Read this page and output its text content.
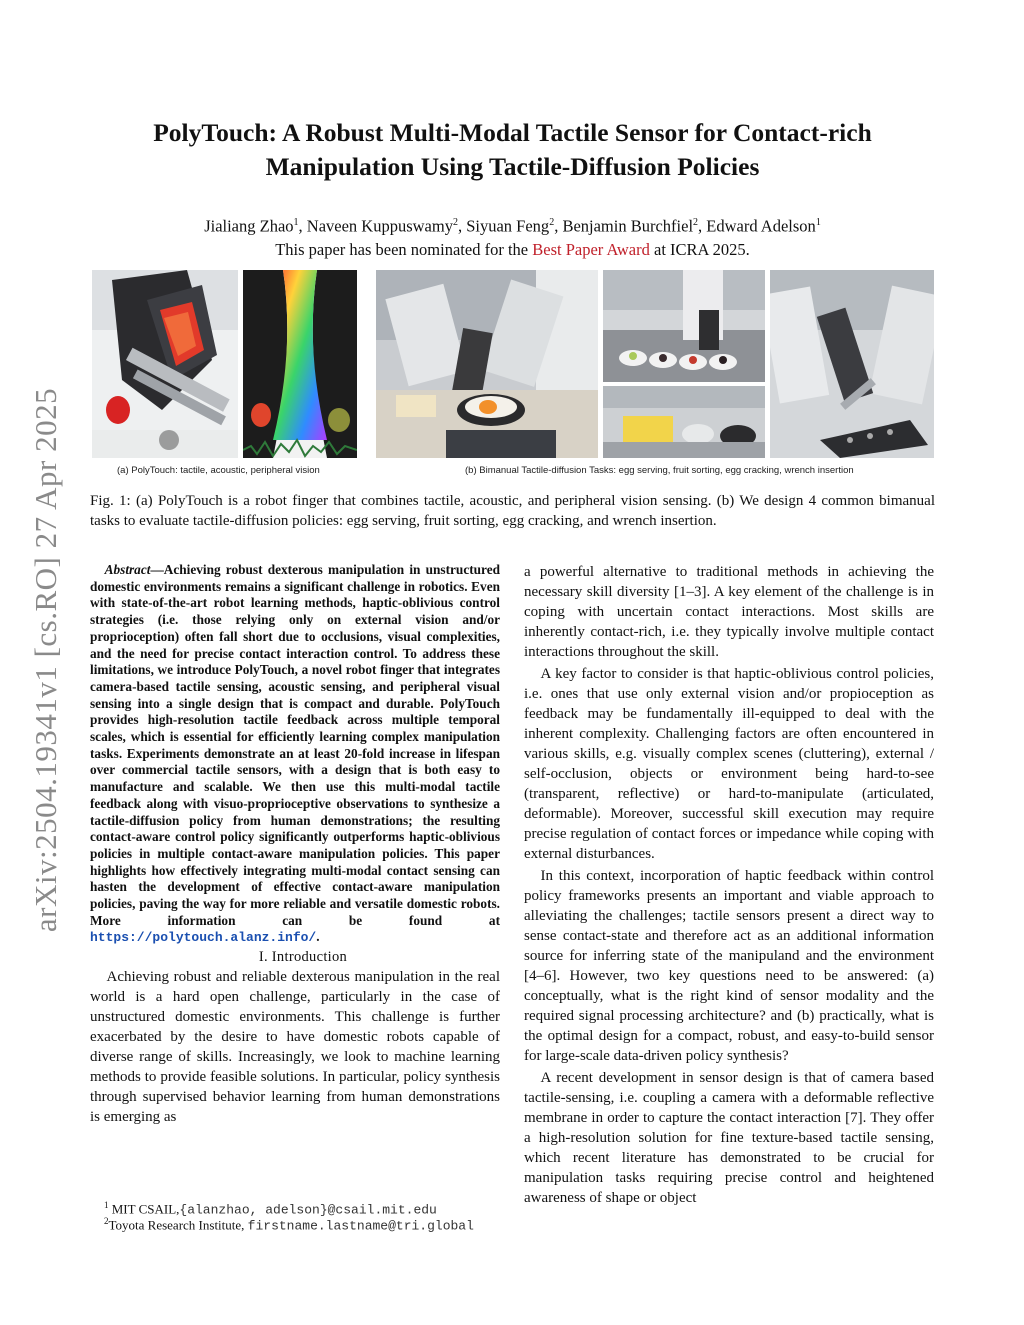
arXiv:2504.19341v1 [cs.RO] 27 Apr 2025
PolyTouch: A Robust Multi-Modal Tactile Sensor for Contact-rich
Manipulation Using Tactile-Diffusion Policies
Jialiang Zhao$^1$, Naveen Kuppuswamy$^2$, Siyuan Feng$^2$, Benjamin Burchfiel$^2$, Edward Adelson$^1$
This paper has been nominated for the Best Paper Award at ICRA 2025.
(a) PolyTouch: tactile, acoustic, peripheral vision	(b) Bimanual Tactile-diffusion Tasks: egg serving, fruit sorting, egg cracking, wrench insertion
Fig. 1: (a) PolyTouch is a robot finger that combines tactile, acoustic, and peripheral vision sensing. (b) We design 4 common bimanual tasks to evaluate tactile-diffusion policies: egg serving, fruit sorting, egg cracking, and wrench insertion.

Abstract—Achieving robust dexterous manipulation in unstructured domestic environments remains a significant challenge in robotics. Even with state-of-the-art robot learning methods, haptic-oblivious control strategies (i.e. those relying only on external vision and/or proprioception) often fall short due to occlusions, visual complexities, and the need for precise contact interaction control. To address these limitations, we introduce PolyTouch, a novel robot finger that integrates camera-based tactile sensing, acoustic sensing, and peripheral visual sensing into a single design that is compact and durable. PolyTouch provides high-resolution tactile feedback across multiple temporal scales, which is essential for efficiently learning complex manipulation tasks. Experiments demonstrate an at least 20-fold increase in lifespan over commercial tactile sensors, with a design that is both easy to manufacture and scalable. We then use this multi-modal tactile feedback along with visuo-proprioceptive observations to synthesize a tactile-diffusion policy from human demonstrations; the resulting contact-aware control policy significantly outperforms haptic-oblivious policies in multiple contact-aware manipulation policies. This paper highlights how effectively integrating multi-modal contact sensing can hasten the development of effective contact-aware manipulation policies, paving the way for more reliable and versatile domestic robots. More information can be found at https://polytouch.alanz.info/.

I. Introduction

Achieving robust and reliable dexterous manipulation in the real world is a hard open challenge, particularly in the case of unstructured domestic environments. This challenge is further exacerbated by the desire to have domestic robots capable of diverse range of skills. Increasingly, we look to machine learning methods to provide feasible solutions. In particular, policy synthesis through supervised behavior learning from human demonstrations is emerging as

$^1$ MIT CSAIL,{alanzhao, adelson}@csail.mit.edu
$^2$Toyota Research Institute, firstname.lastname@tri.global

a powerful alternative to traditional methods in achieving the necessary skill diversity [1–3]. A key element of the challenge is in coping with uncertain contact interactions. Most skills are inherently contact-rich, i.e. they typically involve multiple contact interactions throughout the skill.

A key factor to consider is that haptic-oblivious control policies, i.e. ones that use only external vision and/or propioception as feedback may be fundamentally ill-equipped to deal with the inherent complexity. Challenging factors are often encountered in various skills, e.g. visually complex scenes (cluttering), external / self-occlusion, objects or environment being hard-to-see (transparent, reflective) or hard-to-manipulate (articulated, deformable). Moreover, successful skill execution may require precise regulation of contact forces or impedance while coping with external disturbances.

In this context, incorporation of haptic feedback within control policy frameworks presents an important and viable approach to alleviating the challenges; tactile sensors present a direct way to sense contact-state and therefore act as an additional information source for inferring state of the manipuland and the environment [4–6]. However, two key questions need to be answered: (a) conceptually, what is the right kind of sensor modality and the required signal processing architecture? and (b) practically, what is the optimal design for a compact, robust, and easy-to-build sensor for large-scale data-driven policy synthesis?

A recent development in sensor design is that of camera based tactile-sensing, i.e. coupling a camera with a deformable reflective membrane in order to capture the contact interaction [7]. They offer a high-resolution solution for fine texture-based tactile sensing, which recent literature has demonstrated to be crucial for manipulation tasks requiring precise control and heightened awareness of shape or object
